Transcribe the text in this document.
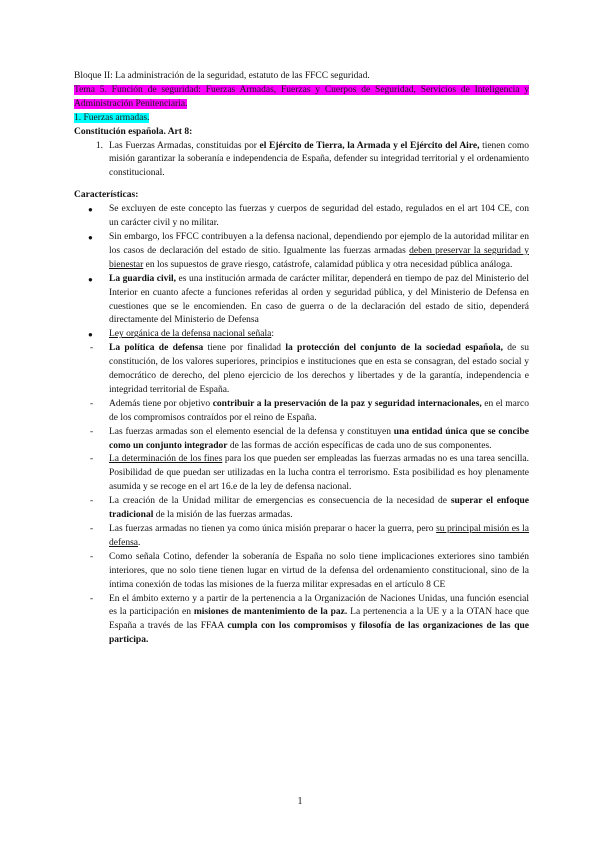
Bloque II: La administración de la seguridad, estatuto de las FFCC seguridad.

Tema 5. Función de seguridad: Fuerzas Armadas, Fuerzas y Cuerpos de Seguridad, Servicios de Inteligencia y Administración Penitenciaria.

1. Fuerzas armadas.

Constitución española. Art 8:

1. Las Fuerzas Armadas, constituidas por el Ejército de Tierra, la Armada y el Ejército del Aire, tienen como misión garantizar la soberanía e independencia de España, defender su integridad territorial y el ordenamiento constitucional.

Características:

●	Se excluyen de este concepto las fuerzas y cuerpos de seguridad del estado, regulados en el art 104 CE, con un carácter civil y no militar.
●	Sin embargo, los FFCC contribuyen a la defensa nacional, dependiendo por ejemplo de la autoridad militar en los casos de declaración del estado de sitio. Igualmente las fuerzas armadas deben preservar la seguridad y bienestar en los supuestos de grave riesgo, catástrofe, calamidad pública y otra necesidad pública análoga.
●	La guardia civil, es una institución armada de carácter militar, dependerá en tiempo de paz del Ministerio del Interior en cuanto afecte a funciones referidas al orden y seguridad pública, y del Ministerio de Defensa en cuestiones que se le encomienden. En caso de guerra o de la declaración del estado de sitio, dependerá directamente del Ministerio de Defensa
●	Ley orgánica de la defensa nacional señala:
-	La política de defensa tiene por finalidad la protección del conjunto de la sociedad española, de su constitución, de los valores superiores, principios e instituciones que en esta se consagran, del estado social y democrático de derecho, del pleno ejercicio de los derechos y libertades y de la garantía, independencia e integridad territorial de España.
-	Además tiene por objetivo contribuir a la preservación de la paz y seguridad internacionales, en el marco de los compromisos contraídos por el reino de España.
-	Las fuerzas armadas son el elemento esencial de la defensa y constituyen una entidad única que se concibe como un conjunto integrador de las formas de acción específicas de cada uno de sus componentes.
-	La determinación de los fines para los que pueden ser empleadas las fuerzas armadas no es una tarea sencilla. Posibilidad de que puedan ser utilizadas en la lucha contra el terrorismo. Esta posibilidad es hoy plenamente asumida y se recoge en el art 16.e de la ley de defensa nacional.
-	La creación de la Unidad militar de emergencias es consecuencia de la necesidad de superar el enfoque tradicional de la misión de las fuerzas armadas.
-	Las fuerzas armadas no tienen ya como única misión preparar o hacer la guerra, pero su principal misión es la defensa.
-	Como señala Cotino, defender la soberanía de España no solo tiene implicaciones exteriores sino también interiores, que no solo tiene tienen lugar en virtud de la defensa del ordenamiento constitucional, sino de la íntima conexión de todas las misiones de la fuerza militar expresadas en el artículo 8 CE
-	En el ámbito externo y a partir de la pertenencia a la Organización de Naciones Unidas, una función esencial es la participación en misiones de mantenimiento de la paz. La pertenencia a la UE y a la OTAN hace que España a través de las FFAA cumpla con los compromisos y filosofía de las organizaciones de las que participa.
1
